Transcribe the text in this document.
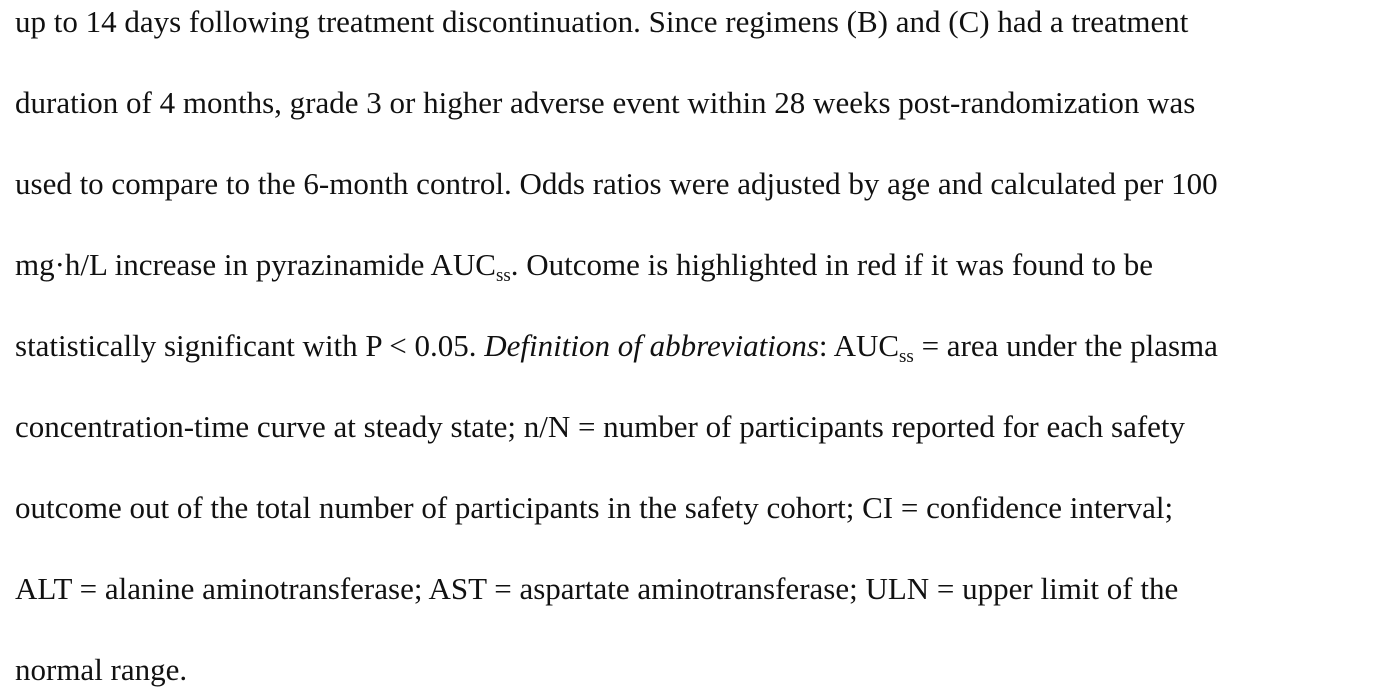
up to 14 days following treatment discontinuation. Since regimens (B) and (C) had a treatment
duration of 4 months, grade 3 or higher adverse event within 28 weeks post-randomization was
used to compare to the 6-month control. Odds ratios were adjusted by age and calculated per 100
mg·h/L increase in pyrazinamide $AUC_{ss}$. Outcome is highlighted in red if it was found to be
statistically significant with P < 0.05. Definition of abbreviations: $AUC_{ss}$ = area under the plasma
concentration-time curve at steady state; n/N = number of participants reported for each safety
outcome out of the total number of participants in the safety cohort; CI = confidence interval;
ALT = alanine aminotransferase; AST = aspartate aminotransferase; ULN = upper limit of the
normal range.
